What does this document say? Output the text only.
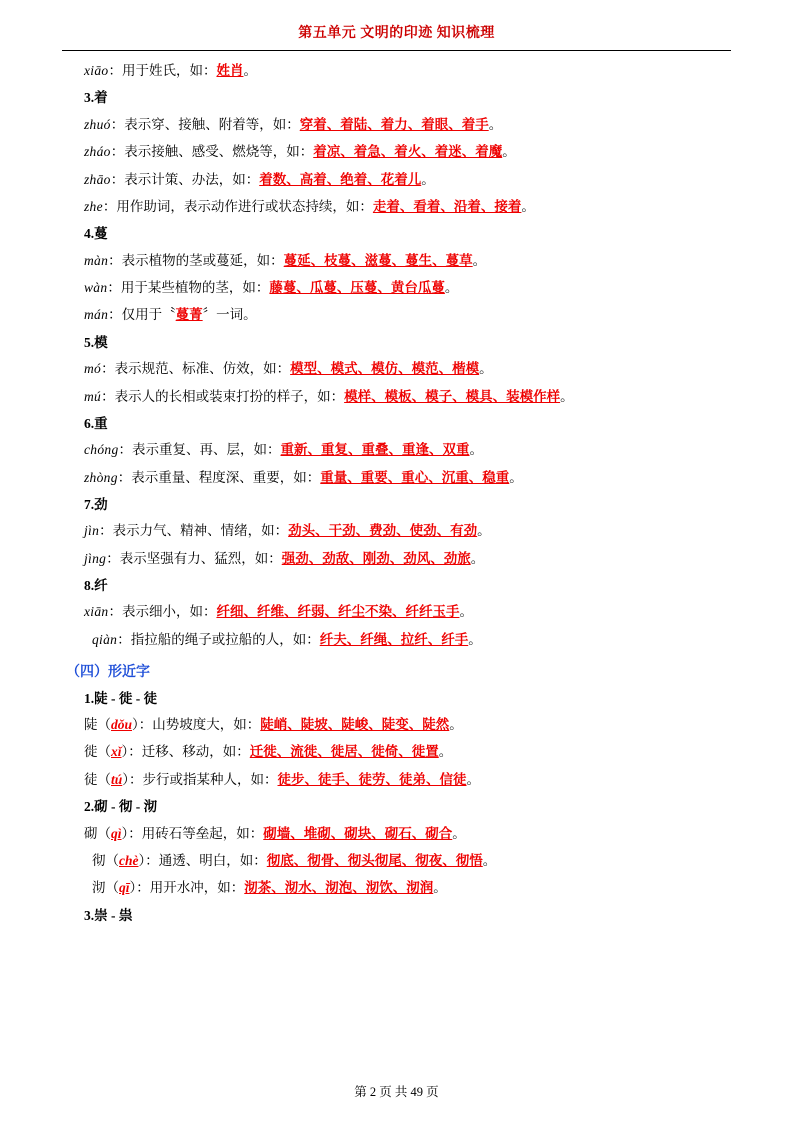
第五单元 文明的印迹 知识梳理

xiāo：用于姓氏，如：姓肖。

3.着

zhuó：表示穿、接触、附着等，如：穿着、着陆、着力、着眼、着手。

zháo：表示接触、感受、燃烧等，如：着凉、着急、着火、着迷、着魔。

zhāo：表示计策、办法，如：着数、高着、绝着、花着儿。

zhe：用作助词，表示动作进行或状态持续，如：走着、看着、沿着、接着。

4.蔓

màn：表示植物的茎或蔓延，如：蔓延、枝蔓、滋蔓、蔓生、蔓草。

wàn：用于某些植物的茎，如：藤蔓、瓜蔓、压蔓、黄台瓜蔓。

mán：仅用于〝蔓菁〞一词。

5.模

mó：表示规范、标准、仿效，如：模型、模式、模仿、模范、楷模。

mú：表示人的长相或装束打扮的样子，如：模样、模板、模子、模具、装模作样。

6.重

chóng：表示重复、再、层，如：重新、重复、重叠、重逢、双重。

zhòng：表示重量、程度深、重要，如：重量、重要、重心、沉重、稳重。

7.劲

jìn：表示力气、精神、情绪，如：劲头、干劲、费劲、使劲、有劲。

jìng：表示坚强有力、猛烈，如：强劲、劲敌、刚劲、劲风、劲旅。

8.纤

xiān：表示细小，如：纤细、纤维、纤弱、纤尘不染、纤纤玉手。

qiàn：指拉船的绳子或拉船的人，如：纤夫、纤绳、拉纤、纤手。

（四）形近字

1.陡 - 徙 - 徒

陡（dǒu）：山势坡度大，如：陡峭、陡坡、陡峻、陡变、陡然。

徙（xǐ）：迁移、移动，如：迁徙、流徙、徙居、徙倚、徙置。

徒（tú）：步行或指某种人，如：徒步、徒手、徒劳、徒弟、信徒。

2.砌 - 彻 - 沏

砌（qì）：用砖石等垒起，如：砌墙、堆砌、砌块、砌石、砌合。

彻（chè）：通透、明白，如：彻底、彻骨、彻头彻尾、彻夜、彻悟。

沏（qī）：用开水冲，如：沏茶、沏水、沏泡、沏饮、沏润。

3.崇 - 祟

第 2 页 共 49 页
